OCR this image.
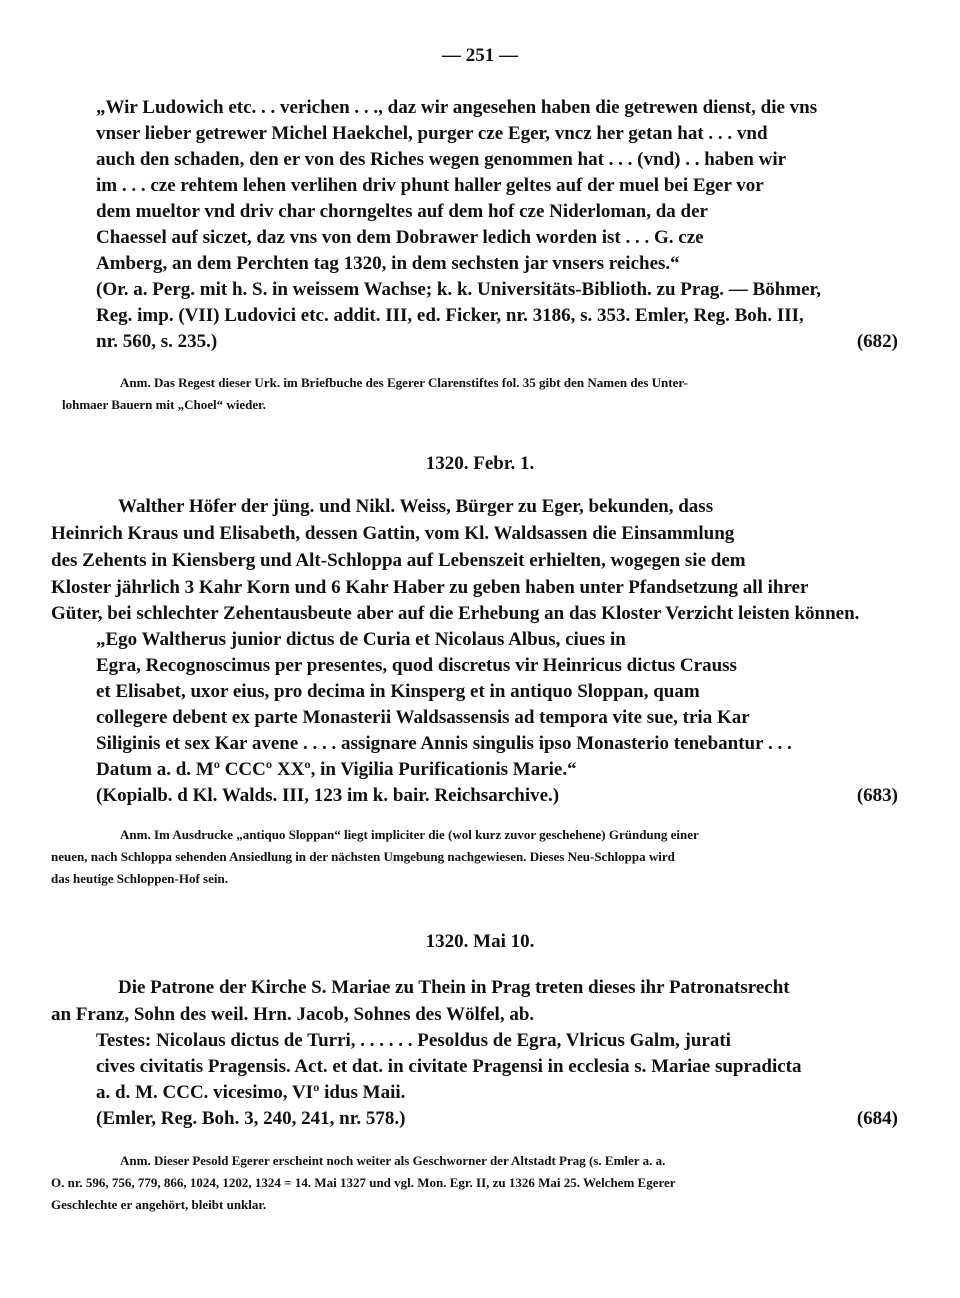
— 251 —
„Wir Ludowich etc. . . verichen . . ., daz wir angesehen haben die getrewen dienst, die vns
vnser lieber getrewer Michel Haekchel, purger cze Eger, vncz her getan hat . . . vnd
auch den schaden, den er von des Riches wegen genommen hat . . . (vnd) . . haben wir
im . . . cze rehtem lehen verlihen driv phunt haller geltes auf der muel bei Eger vor
dem mueltor vnd driv char chorngeltes auf dem hof cze Niderloman, da der
Chaessel auf siczet, daz vns von dem Dobrawer ledich worden ist . . . G. cze
Amberg, an dem Perchten tag 1320, in dem sechsten jar vnsers reiches.“
(Or. a. Perg. mit h. S. in weissem Wachse; k. k. Universitäts-Biblioth. zu Prag. — Böhmer,
Reg. imp. (VII) Ludovici etc. addit. III, ed. Ficker, nr. 3186, s. 353. Emler, Reg. Boh. III,
nr. 560, s. 235.)	(682)
Anm. Das Regest dieser Urk. im Briefbuche des Egerer Clarenstiftes fol. 35 gibt den Namen des Unter-
lohmaer Bauern mit „Choel“ wieder.
1320. Febr. 1.
Walther Höfer der jüng. und Nikl. Weiss, Bürger zu Eger, bekunden, dass
Heinrich Kraus und Elisabeth, dessen Gattin, vom Kl. Waldsassen die Einsammlung
des Zehents in Kiensberg und Alt-Schloppa auf Lebenszeit erhielten, wogegen sie dem
Kloster jährlich 3 Kahr Korn und 6 Kahr Haber zu geben haben unter Pfandsetzung all ihrer
Güter, bei schlechter Zehentausbeute aber auf die Erhebung an das Kloster Verzicht leisten können.
„Ego Waltherus junior dictus de Curia et Nicolaus Albus, ciues in
Egra, Recognoscimus per presentes, quod discretus vir Heinricus dictus Crauss
et Elisabet, uxor eius, pro decima in Kinsperg et in antiquo Sloppan, quam
collegere debent ex parte Monasterii Waldsassensis ad tempora vite sue, tria Kar
Siliginis et sex Kar avene . . . . assignare Annis singulis ipso Monasterio tenebantur . . .
Datum a. d. Mº CCCº XXº, in Vigilia Purificationis Marie.“
(Kopialb. d Kl. Walds. III, 123 im k. bair. Reichsarchive.)	(683)
Anm. Im Ausdrucke „antiquo Sloppan“ liegt impliciter die (wol kurz zuvor geschehene) Gründung einer
neuen, nach Schloppa sehenden Ansiedlung in der nächsten Umgebung nachgewiesen. Dieses Neu-Schloppa wird
das heutige Schloppen-Hof sein.
1320. Mai 10.
Die Patrone der Kirche S. Mariae zu Thein in Prag treten dieses ihr Patronatsrecht
an Franz, Sohn des weil. Hrn. Jacob, Sohnes des Wölfel, ab.
Testes: Nicolaus dictus de Turri, . . . . . . Pesoldus de Egra, Vlricus Galm, jurati
cives civitatis Pragensis. Act. et dat. in civitate Pragensi in ecclesia s. Mariae supradicta
a. d. M. CCC. vicesimo, VIº idus Maii.
(Emler, Reg. Boh. 3, 240, 241, nr. 578.)	(684)
Anm. Dieser Pesold Egerer erscheint noch weiter als Geschworner der Altstadt Prag (s. Emler a. a.
O. nr. 596, 756, 779, 866, 1024, 1202, 1324 = 14. Mai 1327 und vgl. Mon. Egr. II, zu 1326 Mai 25. Welchem Egerer
Geschlechte er angehört, bleibt unklar.
